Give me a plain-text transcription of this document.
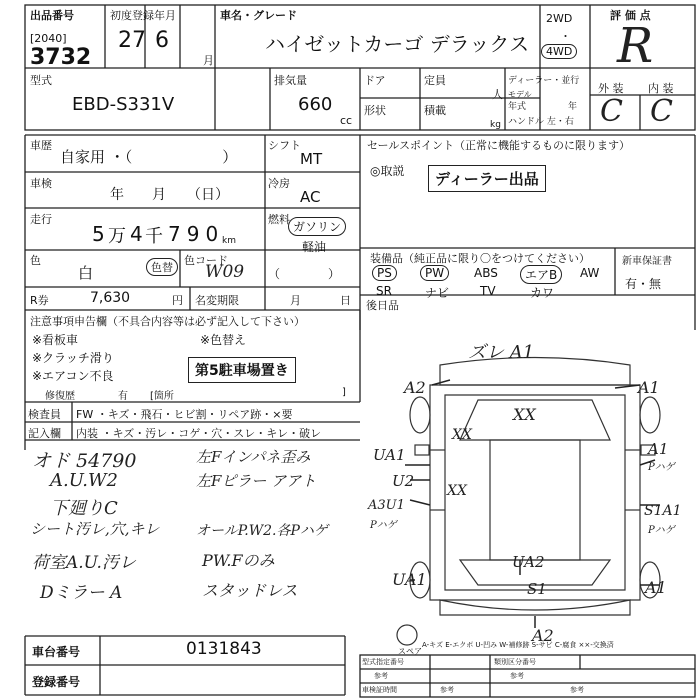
出品番号
[2040]
3732
初度登録年月
27 6
月
車名・グレード
ハイゼットカーゴ デラックス
2WD
・
4WD
評 価 点
R
型式
EBD-S331V
排気量
660
cc
ドア
形状
定員
人
積載
kg
ディーラー・並行
モデル
年式	年
ハンドル 左・右
外 装 内 装
C C
車歴
自家用 ・（　　　　　　）
シフト
MT
車検
年　　月　　（日）
冷房
AC
走行
5 万 4 千 790
km
燃料
ガソリン
軽油
色
白	色替
色コード
W09 （　　　　）
R券	7,630	円 名変期限	月	日
セールスポイント（正常に機能するものに限ります）
◎取説	ディーラー出品
装備品（純正品に限り〇をつけてください）
PS	PW	ABS	エアB	AW
SR	ナビ	TV	カワ
新車保証書
有・無
後日品
注意事項申告欄（不具合内容等は必ず記入して下さい）
※看板車	※色替え
※クラッチ滑り
※エアコン不良	第5駐車場置き
修復歴	有 [箇所	]
検査員
記入欄
FW ・キズ・飛石・ヒビ割・リペア跡・×要
内装 ・キズ・汚レ・コゲ・穴・スレ・キレ・破レ
オド 54790
A.U.W2
下廻りC
シート汚レ,穴,キレ
荷室A.U.汚レ
Dミラー A
左Fインパネ歪み
左Fピラー アアト
オールP.W2.各Pハゲ
PW.Fのみ
スタッドレス
ズレ A1
A2	A1
XX
XX
XX
UA1
U2
A1
Pハゲ
A3U1
Pハゲ
S1A1
Pハゲ
UA2
S1
UA1	A1
A2
スペア
車台番号	0131843
登録番号
A-キズ E-エクボ U-凹み W-補修跡 S-サビ C-腐食 ××-交換済
型式指定番号	類別区分番号
参考	参考
車検証時間	参考	参考
